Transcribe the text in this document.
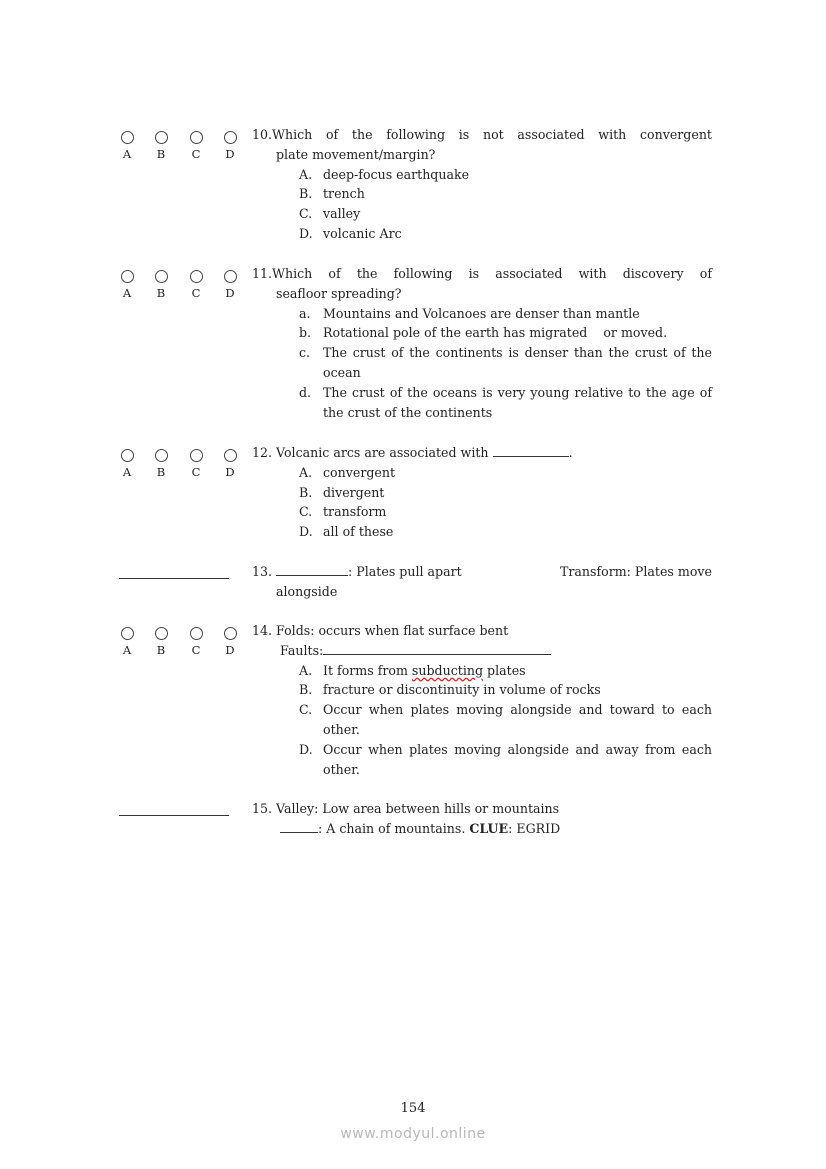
A	B	C	D
10.Which of the following is not associated with convergent
plate movement/margin?
A. deep-focus earthquake
B. trench
C. valley
D. volcanic Arc
A	B	C	D
11.Which of the following is associated with discovery of
seafloor spreading?
a. Mountains and Volcanoes are denser than mantle
b. Rotational pole of the earth has migrated    or moved.
c.	The crust of the continents is denser than the crust of the ocean
d. The crust of the oceans is very young relative to the age of the crust of the continents
A	B	C	D
12. Volcanic arcs are associated with	.
A. convergent
B. divergent
C. transform
D. all of these
13.	: Plates pull apart	Transform: Plates move
alongside
A	B	C	D
14. Folds: occurs when flat surface bent
Faults:
A. It forms from subducting plates
B. fracture or discontinuity in volume of rocks
C. Occur when plates moving alongside and toward to each other.
D. Occur when plates moving alongside and away from each other.
15. Valley: Low area between hills or mountains
: A chain of mountains. CLUE: EGRID
154
www.modyul.online
